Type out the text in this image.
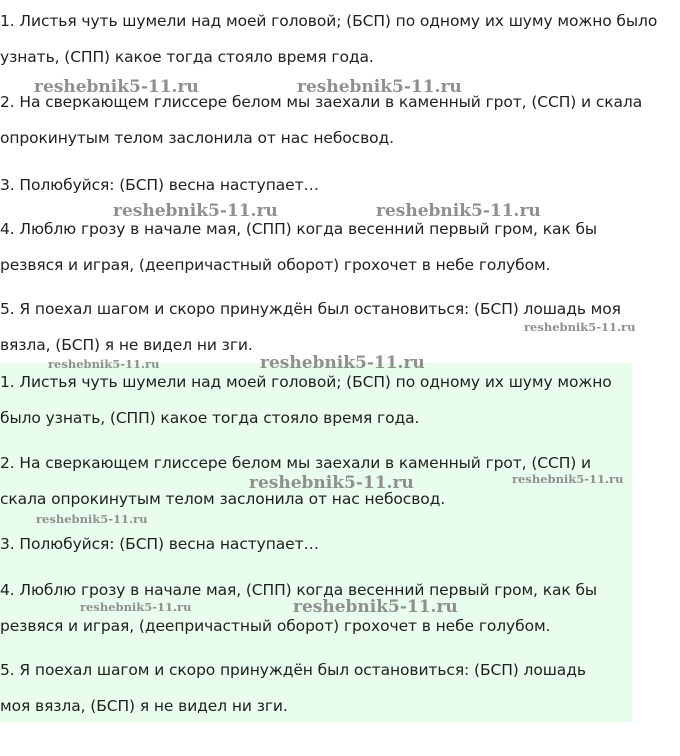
1. Листья чуть шумели над моей головой; (БСП) по одному их шуму можно было
узнать, (СПП) какое тогда стояло время года.
2. На сверкающем глиссере белом мы заехали в каменный грот, (ССП) и скала
опрокинутым телом заслонила от нас небосвод.
3. Полюбуйся: (БСП) весна наступает…
4. Люблю грозу в начале мая, (СПП) когда весенний первый гром, как бы
резвяся и играя, (деепричастный оборот) грохочет в небе голубом.
5. Я поехал шагом и скоро принуждён был остановиться: (БСП) лошадь моя
вязла, (БСП) я не видел ни зги.
1. Листья чуть шумели над моей головой; (БСП) по одному их шуму можно
было узнать, (СПП) какое тогда стояло время года.
2. На сверкающем глиссере белом мы заехали в каменный грот, (ССП) и
скала опрокинутым телом заслонила от нас небосвод.
3. Полюбуйся: (БСП) весна наступает…
4. Люблю грозу в начале мая, (СПП) когда весенний первый гром, как бы
резвяся и играя, (деепричастный оборот) грохочет в небе голубом.
5. Я поехал шагом и скоро принуждён был остановиться: (БСП) лошадь
моя вязла, (БСП) я не видел ни зги.
reshebnik5-11.ru	reshebnik5-11.ru
reshebnik5-11.ru	reshebnik5-11.ru
reshebnik5-11.ru
reshebnik5-11.ru	reshebnik5-11.ru
reshebnik5-11.ru	reshebnik5-11.ru
reshebnik5-11.ru
reshebnik5-11.ru	reshebnik5-11.ru
